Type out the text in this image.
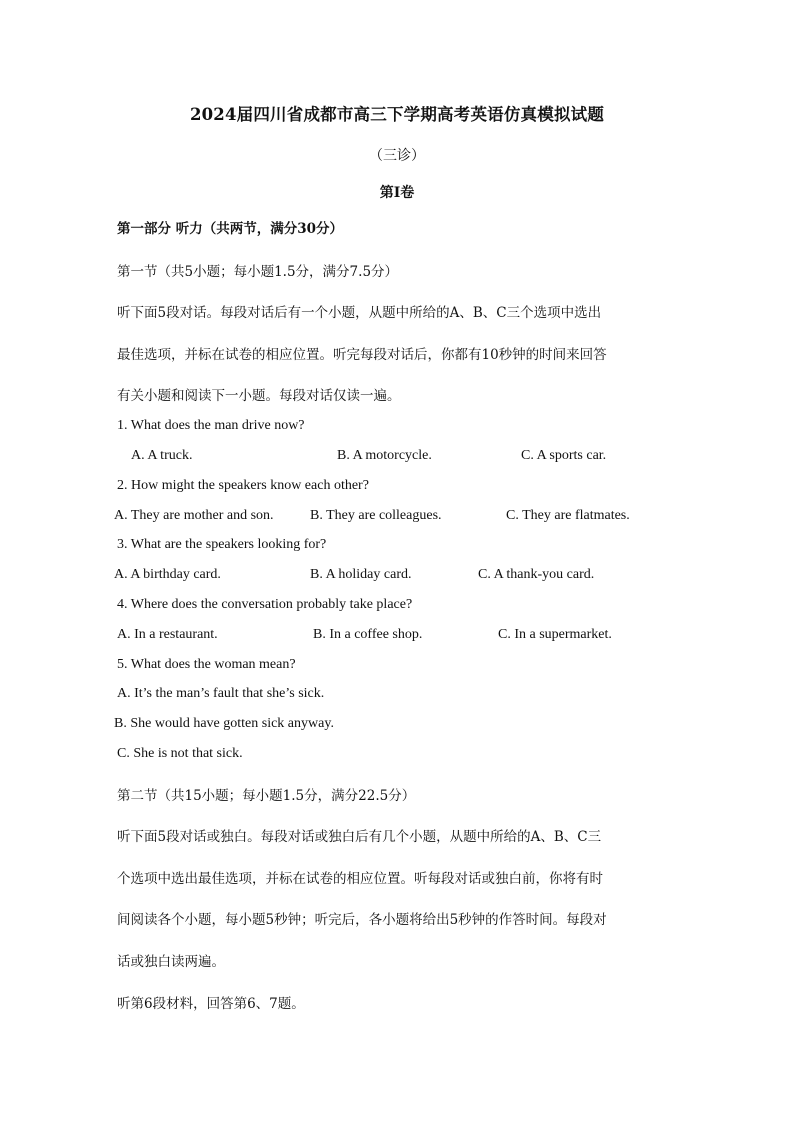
2024届四川省成都市高三下学期高考英语仿真模拟试题
（三诊）
第Ⅰ卷
第一部分 听力（共两节，满分30分）
第一节（共5小题；每小题1.5分，满分7.5分）
听下面5段对话。每段对话后有一个小题，从题中所给的A、B、C三个选项中选出
最佳选项，并标在试卷的相应位置。听完每段对话后，你都有10秒钟的时间来回答
有关小题和阅读下一小题。每段对话仅读一遍。
1. What does the man drive now?
A. A truck.	B. A motorcycle.	C. A sports car.
2. How might the speakers know each other?
A. They are mother and son.	B. They are colleagues.	C. They are flatmates.
3. What are the speakers looking for?
A. A birthday card.	B. A holiday card.	C. A thank-you card.
4. Where does the conversation probably take place?
A. In a restaurant.	B. In a coffee shop.	C. In a supermarket.
5. What does the woman mean?
A. It’s the man’s fault that she’s sick.
B. She would have gotten sick anyway.
C. She is not that sick.
第二节（共15小题；每小题1.5分，满分22.5分）
听下面5段对话或独白。每段对话或独白后有几个小题，从题中所给的A、B、C三
个选项中选出最佳选项，并标在试卷的相应位置。听每段对话或独白前，你将有时
间阅读各个小题，每小题5秒钟；听完后，各小题将给出5秒钟的作答时间。每段对
话或独白读两遍。
听第6段材料，回答第6、7题。
